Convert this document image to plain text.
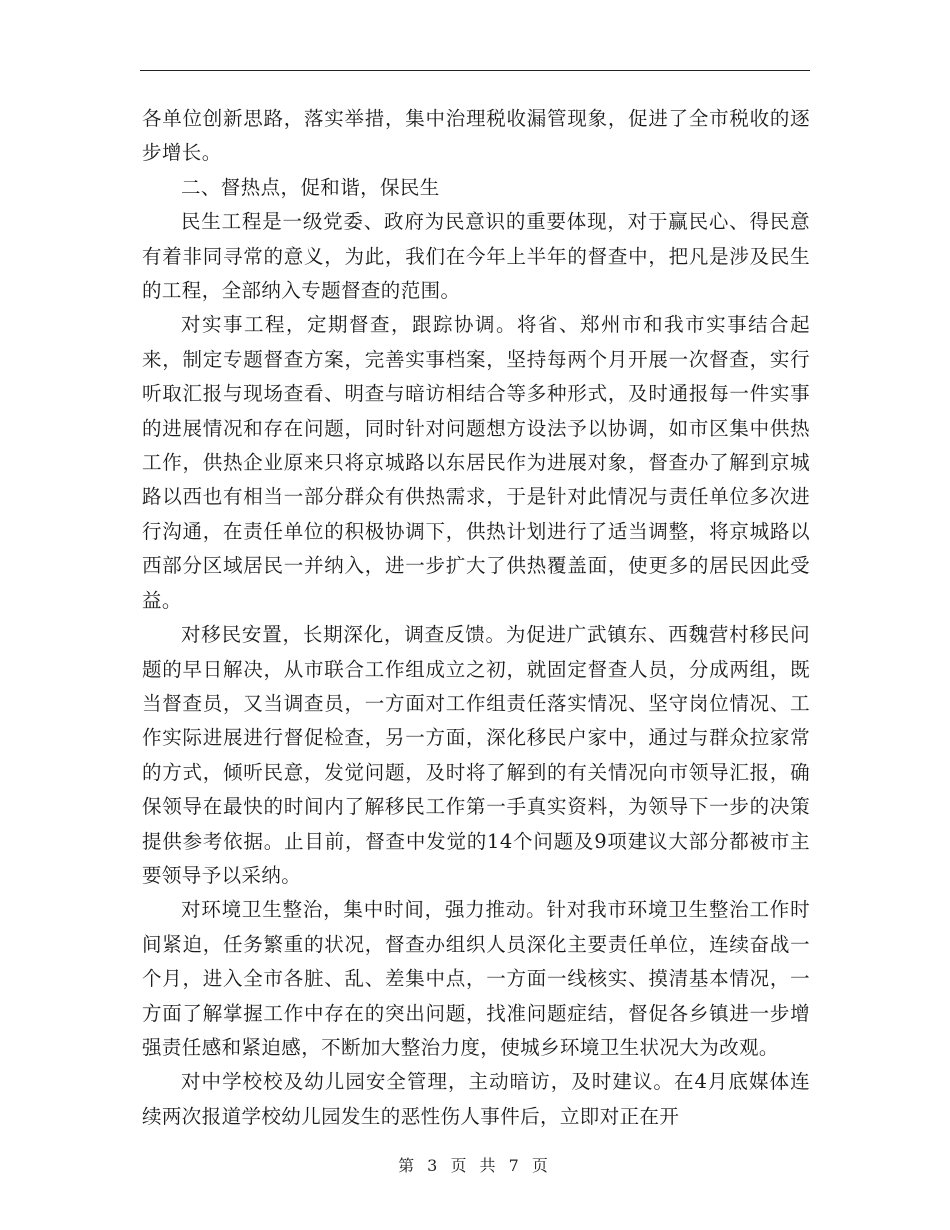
各单位创新思路，落实举措，集中治理税收漏管现象，促进了全市税收的逐步增长。

二、督热点，促和谐，保民生

民生工程是一级党委、政府为民意识的重要体现，对于赢民心、得民意有着非同寻常的意义，为此，我们在今年上半年的督查中，把凡是涉及民生的工程，全部纳入专题督查的范围。

对实事工程，定期督查，跟踪协调。将省、郑州市和我市实事结合起来，制定专题督查方案，完善实事档案，坚持每两个月开展一次督查，实行听取汇报与现场查看、明查与暗访相结合等多种形式，及时通报每一件实事的进展情况和存在问题，同时针对问题想方设法予以协调，如市区集中供热工作，供热企业原来只将京城路以东居民作为进展对象，督查办了解到京城路以西也有相当一部分群众有供热需求，于是针对此情况与责任单位多次进行沟通，在责任单位的积极协调下，供热计划进行了适当调整，将京城路以西部分区域居民一并纳入，进一步扩大了供热覆盖面，使更多的居民因此受益。

对移民安置，长期深化，调查反馈。为促进广武镇东、西魏营村移民问题的早日解决，从市联合工作组成立之初，就固定督查人员，分成两组，既当督查员，又当调查员，一方面对工作组责任落实情况、坚守岗位情况、工作实际进展进行督促检查，另一方面，深化移民户家中，通过与群众拉家常的方式，倾听民意，发觉问题，及时将了解到的有关情况向市领导汇报，确保领导在最快的时间内了解移民工作第一手真实资料，为领导下一步的决策提供参考依据。止目前，督查中发觉的14个问题及9项建议大部分都被市主要领导予以采纳。

对环境卫生整治，集中时间，强力推动。针对我市环境卫生整治工作时间紧迫，任务繁重的状况，督查办组织人员深化主要责任单位，连续奋战一个月，进入全市各脏、乱、差集中点，一方面一线核实、摸清基本情况，一方面了解掌握工作中存在的突出问题，找准问题症结，督促各乡镇进一步增强责任感和紧迫感，不断加大整治力度，使城乡环境卫生状况大为改观。

对中学校校及幼儿园安全管理，主动暗访，及时建议。在4月底媒体连续两次报道学校幼儿园发生的恶性伤人事件后，立即对正在开

第 3 页 共 7 页
